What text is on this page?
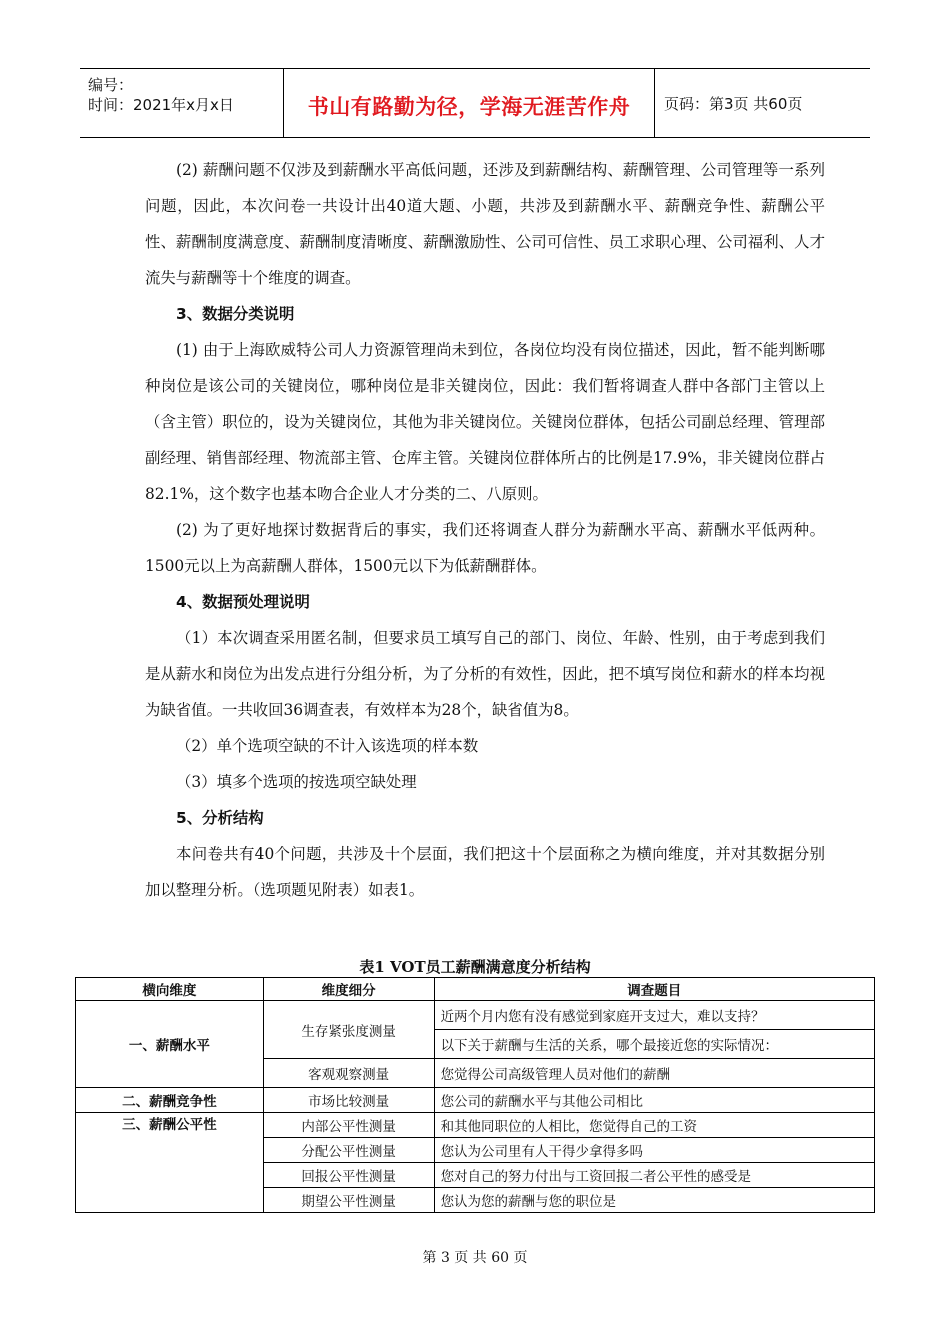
编号：
时间：2021年x月x日	书山有路勤为径，学海无涯苦作舟	页码：第3页 共60页

(2) 薪酬问题不仅涉及到薪酬水平高低问题，还涉及到薪酬结构、薪酬管理、公司管理等一系列问题，因此，本次问卷一共设计出40道大题、小题，共涉及到薪酬水平、薪酬竞争性、薪酬公平性、薪酬制度满意度、薪酬制度清晰度、薪酬激励性、公司可信性、员工求职心理、公司福利、人才流失与薪酬等十个维度的调查。

3、数据分类说明

(1) 由于上海欧威特公司人力资源管理尚未到位，各岗位均没有岗位描述，因此，暂不能判断哪种岗位是该公司的关键岗位，哪种岗位是非关键岗位，因此：我们暂将调查人群中各部门主管以上（含主管）职位的，设为关键岗位，其他为非关键岗位。关键岗位群体，包括公司副总经理、管理部副经理、销售部经理、物流部主管、仓库主管。关键岗位群体所占的比例是17.9%，非关键岗位群占82.1%，这个数字也基本吻合企业人才分类的二、八原则。

(2) 为了更好地探讨数据背后的事实，我们还将调查人群分为薪酬水平高、薪酬水平低两种。1500元以上为高薪酬人群体，1500元以下为低薪酬群体。

4、数据预处理说明

（1）本次调查采用匿名制，但要求员工填写自己的部门、岗位、年龄、性别，由于考虑到我们是从薪水和岗位为出发点进行分组分析，为了分析的有效性，因此，把不填写岗位和薪水的样本均视为缺省值。一共收回36调查表，有效样本为28个，缺省值为8。

（2）单个选项空缺的不计入该选项的样本数

（3）填多个选项的按选项空缺处理

5、分析结构

本问卷共有40个问题，共涉及十个层面，我们把这十个层面称之为横向维度，并对其数据分别加以整理分析。（选项题见附表）如表1。

表1 VOT员工薪酬满意度分析结构
横向维度	维度细分	调查题目
一、薪酬水平	生存紧张度测量	近两个月内您有没有感觉到家庭开支过大，难以支持？
		以下关于薪酬与生活的关系，哪个最接近您的实际情况：
	客观观察测量	您觉得公司高级管理人员对他们的薪酬
二、薪酬竞争性	市场比较测量	您公司的薪酬水平与其他公司相比
三、薪酬公平性	内部公平性测量	和其他同职位的人相比，您觉得自己的工资
	分配公平性测量	您认为公司里有人干得少拿得多吗
	回报公平性测量	您对自己的努力付出与工资回报二者公平性的感受是
	期望公平性测量	您认为您的薪酬与您的职位是
第 3 页 共 60 页
